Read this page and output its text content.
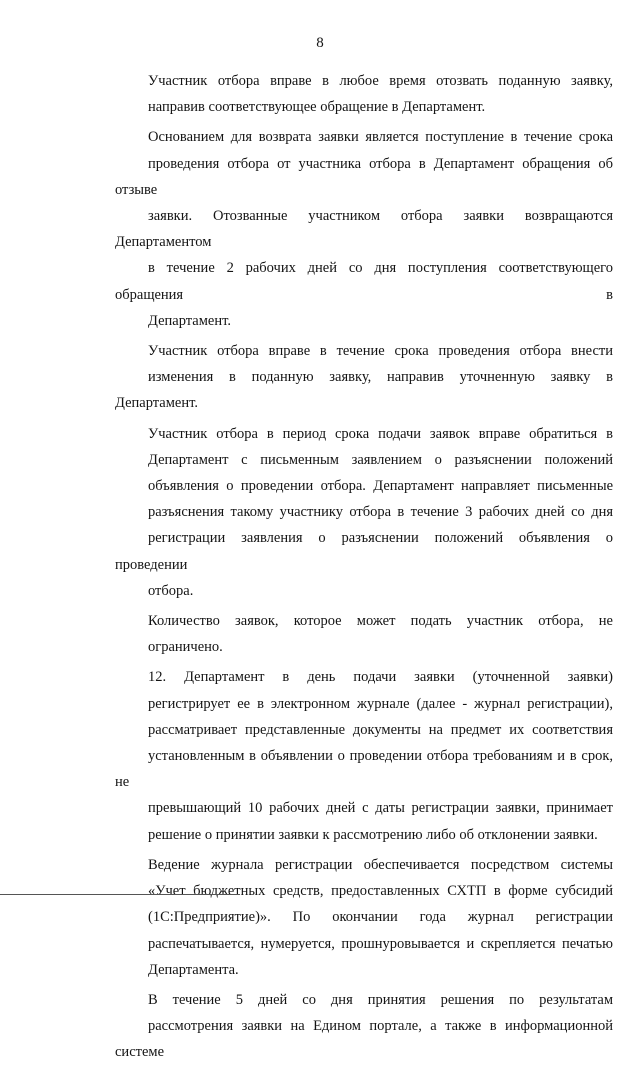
8

Участник отбора вправе в любое время отозвать поданную заявку,
направив соответствующее обращение в Департамент.

Основанием для возврата заявки является поступление в течение срока
проведения отбора от участника отбора в Департамент обращения об отзыве
заявки. Отозванные участником отбора заявки возвращаются Департаментом
в течение 2 рабочих дней со дня поступления соответствующего обращения в
Департамент.

Участник отбора вправе в течение срока проведения отбора внести
изменения в поданную заявку, направив уточненную заявку в Департамент.

Участник отбора в период срока подачи заявок вправе обратиться в
Департамент с письменным заявлением о разъяснении положений
объявления о проведении отбора. Департамент направляет письменные
разъяснения такому участнику отбора в течение 3 рабочих дней со дня
регистрации заявления о разъяснении положений объявления о проведении
отбора.

Количество заявок, которое может подать участник отбора, не
ограничено.

12. Департамент в день подачи заявки (уточненной заявки)
регистрирует ее в электронном журнале (далее - журнал регистрации),
рассматривает представленные документы на предмет их соответствия
установленным в объявлении о проведении отбора требованиям и в срок, не
превышающий 10 рабочих дней с даты регистрации заявки, принимает
решение о принятии заявки к рассмотрению либо об отклонении заявки.

Ведение журнала регистрации обеспечивается посредством системы
«Учет бюджетных средств, предоставленных СХТП в форме субсидий
(1С:Предприятие)». По окончании года журнал регистрации
распечатывается, нумеруется, прошнуровывается и скрепляется печатью
Департамента.

В течение 5 дней со дня принятия решения по результатам
рассмотрения заявки на Едином портале, а также в информационной системе
